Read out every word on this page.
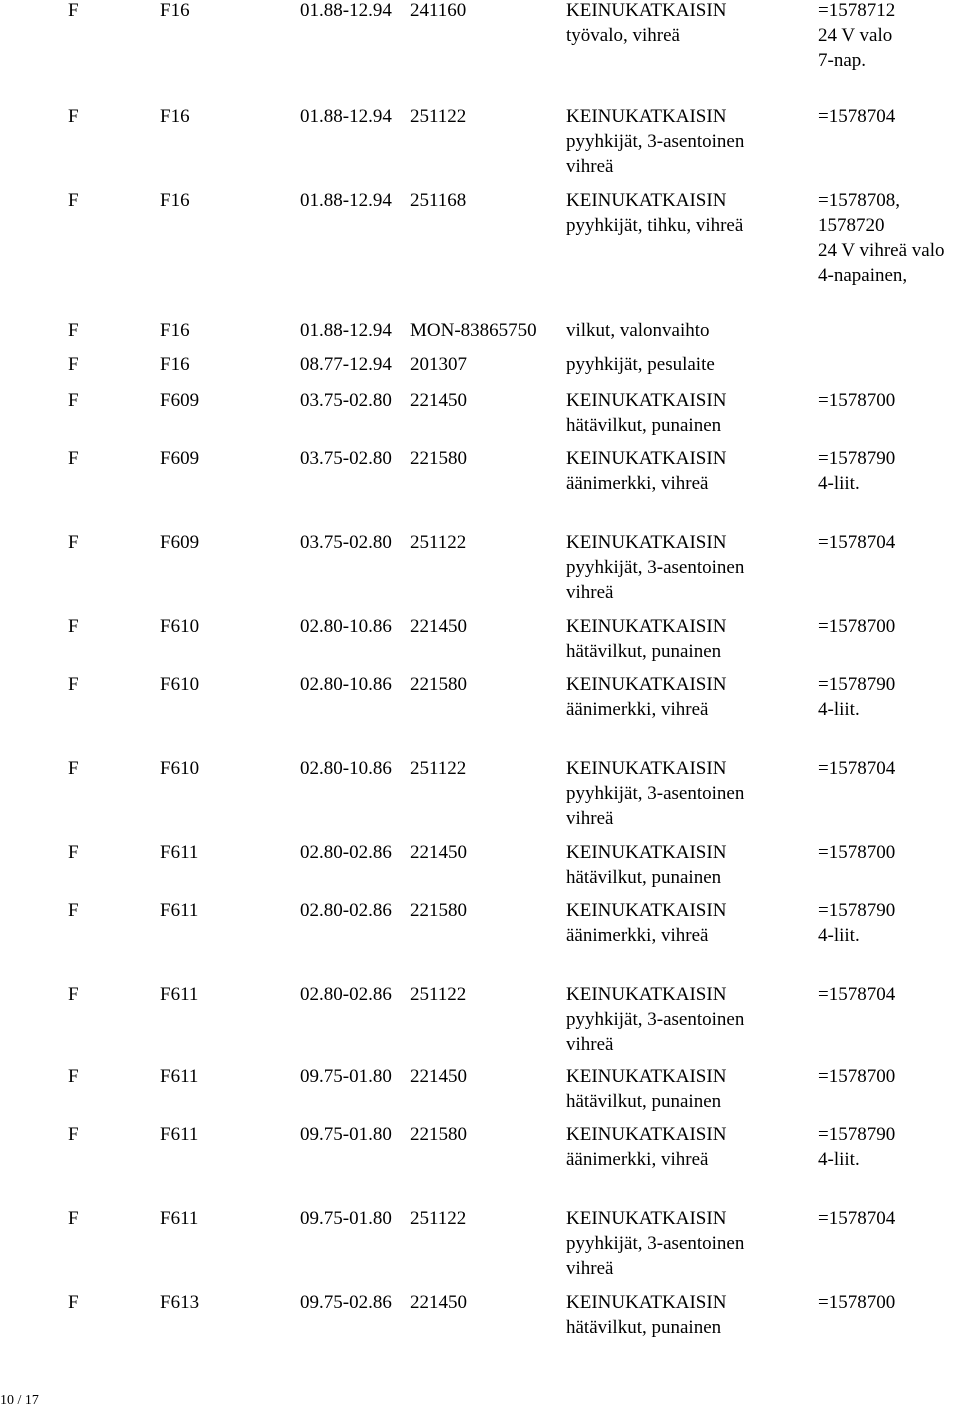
F	F16	01.88-12.94 241160	KEINUKATKAISIN
työvalo, vihreä
=1578712
24 V valo
7-nap.
F	F16	01.88-12.94 251122	KEINUKATKAISIN
pyyhkijät, 3-asentoinen
vihreä
=1578704
F	F16	01.88-12.94 251168	KEINUKATKAISIN
pyyhkijät, tihku, vihreä
=1578708,
1578720
24 V vihreä valo
4-napainen,
F	F16	01.88-12.94 MON-83865750 vilkut, valonvaihto
F	F16	08.77-12.94 201307	pyyhkijät, pesulaite
F	F609	03.75-02.80 221450	KEINUKATKAISIN
hätävilkut, punainen
=1578700
F	F609	03.75-02.80 221580	KEINUKATKAISIN
äänimerkki, vihreä
=1578790
4-liit.
F	F609	03.75-02.80 251122	KEINUKATKAISIN
pyyhkijät, 3-asentoinen
vihreä
=1578704
F	F610	02.80-10.86 221450	KEINUKATKAISIN
hätävilkut, punainen
=1578700
F	F610	02.80-10.86 221580	KEINUKATKAISIN
äänimerkki, vihreä
=1578790
4-liit.
F	F610	02.80-10.86 251122	KEINUKATKAISIN
pyyhkijät, 3-asentoinen
vihreä
=1578704
F	F611	02.80-02.86 221450	KEINUKATKAISIN
hätävilkut, punainen
=1578700
F	F611	02.80-02.86 221580	KEINUKATKAISIN
äänimerkki, vihreä
=1578790
4-liit.
F	F611	02.80-02.86 251122	KEINUKATKAISIN
pyyhkijät, 3-asentoinen
vihreä
=1578704
F	F611	09.75-01.80 221450	KEINUKATKAISIN
hätävilkut, punainen
=1578700
F	F611	09.75-01.80 221580	KEINUKATKAISIN
äänimerkki, vihreä
=1578790
4-liit.
F	F611	09.75-01.80 251122	KEINUKATKAISIN
pyyhkijät, 3-asentoinen
vihreä
=1578704
F	F613	09.75-02.86 221450	KEINUKATKAISIN
hätävilkut, punainen
=1578700
10 / 17
